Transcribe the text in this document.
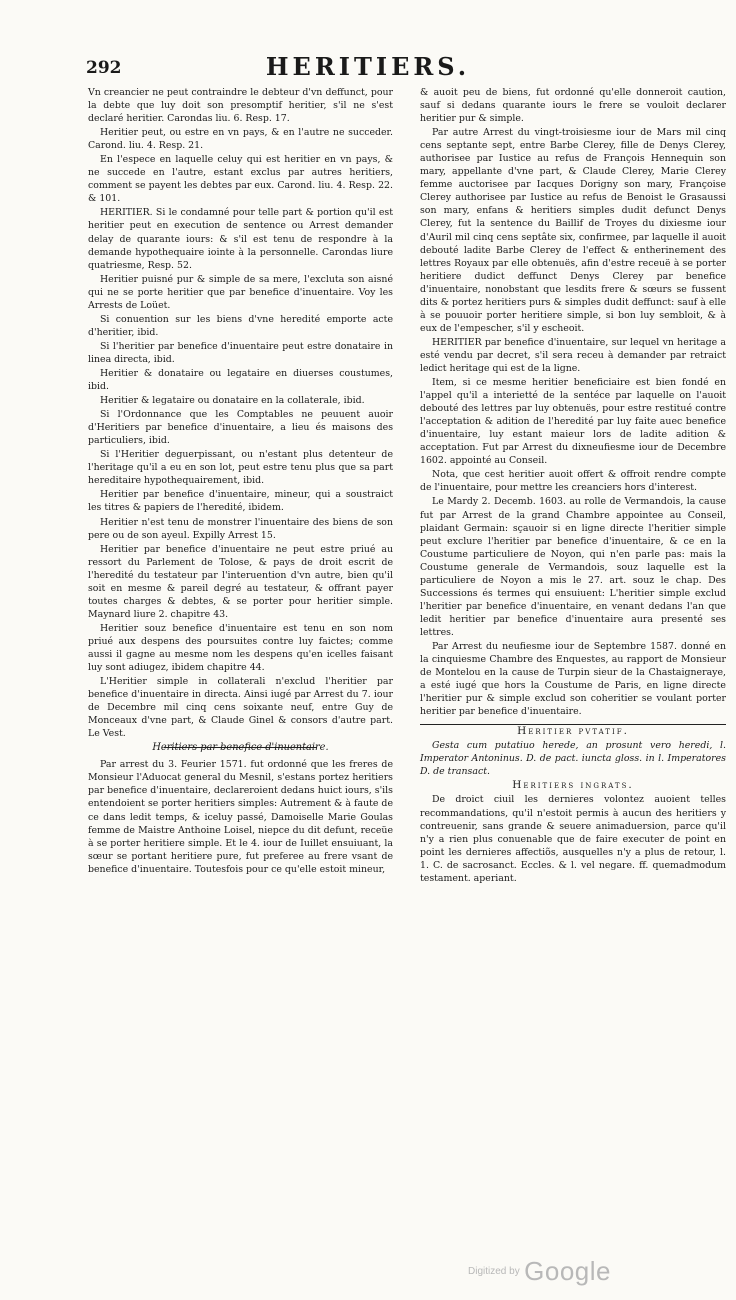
292	HERITIERS.

Vn creancier ne peut contraindre le debteur d'vn deffunct, pour la debte que luy doit son presomptif heritier, s'il ne s'est declaré heritier. Carondas liu. 6. Resp. 17.

Heritier peut, ou estre en vn pays, & en l'autre ne succeder. Carond. liu. 4. Resp. 21.

En l'espece en laquelle celuy qui est heritier en vn pays, & ne succede en l'autre, estant exclus par autres heritiers, comment se payent les debtes par eux. Carond. liu. 4. Resp. 22. & 101.

HERITIER. Si le condamné pour telle part & portion qu'il est heritier peut en execution de sentence ou Arrest demander delay de quarante iours: & s'il est tenu de respondre à la demande hypothequaire iointe à la personnelle. Carondas liure quatriesme, Resp. 52.

Heritier puisné pur & simple de sa mere, l'excluta son aisné qui ne se porte heritier que par benefice d'inuentaire. Voy les Arrests de Loüet.

Si conuention sur les biens d'vne heredité emporte acte d'heritier, ibid.

Si l'heritier par benefice d'inuentaire peut estre donataire in linea directa, ibid.

Heritier & donataire ou legataire en diuerses coustumes, ibid.

Heritier & legataire ou donataire en la collaterale, ibid.

Si l'Ordonnance que les Comptables ne peuuent auoir d'Heritiers par benefice d'inuentaire, a lieu és maisons des particuliers, ibid.

Si l'Heritier deguerpissant, ou n'estant plus detenteur de l'heritage qu'il a eu en son lot, peut estre tenu plus que sa part hereditaire hypothequairement, ibid.

Heritier par benefice d'inuentaire, mineur, qui a soustraict les titres & papiers de l'heredité, ibidem.

Heritier n'est tenu de monstrer l'inuentaire des biens de son pere ou de son ayeul. Expilly Arrest 15.

Heritier par benefice d'inuentaire ne peut estre priué au ressort du Parlement de Tolose, & pays de droit escrit de l'heredité du testateur par l'interuention d'vn autre, bien qu'il soit en mesme & pareil degré au testateur, & offrant payer toutes charges & debtes, & se porter pour heritier simple. Maynard liure 2. chapitre 43.

Heritier souz benefice d'inuentaire est tenu en son nom priué aux despens des poursuites contre luy faictes; comme aussi il gagne au mesme nom les despens qu'en icelles faisant luy sont adiugez, ibidem chapitre 44.

L'Heritier simple in collaterali n'exclud l'heritier par benefice d'inuentaire in directa. Ainsi iugé par Arrest du 7. iour de Decembre mil cinq cens soixante neuf, entre Guy de Monceaux d'vne part, & Claude Ginel & consors d'autre part. Le Vest.

Heritiers par benefice d'inuentaire.

Par arrest du 3. Feurier 1571. fut ordonné que les freres de Monsieur l'Aduocat general du Mesnil, s'estans portez heritiers par benefice d'inuentaire, declareroient dedans huict iours, s'ils entendoient se porter heritiers simples: Autrement & à faute de ce dans ledit temps, & iceluy passé, Damoiselle Marie Goulas femme de Maistre Anthoine Loisel, niepce du dit defunt, receüe à se porter heritiere simple. Et le 4. iour de Iuillet ensuiuant, la sœur se portant heritiere pure, fut preferee au frere vsant de benefice d'inuentaire. Toutesfois pour ce qu'elle estoit mineur,

& auoit peu de biens, fut ordonné qu'elle donneroit caution, sauf si dedans quarante iours le frere se vouloit declarer heritier pur & simple.

Par autre Arrest du vingt-troisiesme iour de Mars mil cinq cens septante sept, entre Barbe Clerey, fille de Denys Clerey, authorisee par Iustice au refus de François Hennequin son mary, appellante d'vne part, & Claude Clerey, Marie Clerey femme auctorisee par Iacques Dorigny son mary, Françoise Clerey authorisee par Iustice au refus de Benoist le Grasaussi son mary, enfans & heritiers simples dudit defunct Denys Clerey, fut la sentence du Baillif de Troyes du dixiesme iour d'Auril mil cinq cens septâte six, confirmee, par laquelle il auoit debouté ladite Barbe Clerey de l'effect & entherinement des lettres Royaux par elle obtenuës, afin d'estre receuë à se porter heritiere dudict deffunct Denys Clerey par benefice d'inuentaire, nonobstant que lesdits frere & sœurs se fussent dits & portez heritiers purs & simples dudit deffunct: sauf à elle à se pouuoir porter heritiere simple, si bon luy sembloit, & à eux de l'empescher, s'il y escheoit.

HERITIER par benefice d'inuentaire, sur lequel vn heritage a esté vendu par decret, s'il sera receu à demander par retraict ledict heritage qui est de la ligne.

Item, si ce mesme heritier beneficiaire est bien fondé en l'appel qu'il a interietté de la sentéce par laquelle on l'auoit debouté des lettres par luy obtenuës, pour estre restitué contre l'acceptation & adition de l'heredité par luy faite auec benefice d'inuentaire, luy estant maieur lors de ladite adition & acceptation. Fut par Arrest du dixneufiesme iour de Decembre 1602. appointé au Conseil.

Nota, que cest heritier auoit offert & offroit rendre compte de l'inuentaire, pour mettre les creanciers hors d'interest.

Le Mardy 2. Decemb. 1603. au rolle de Vermandois, la cause fut par Arrest de la grand Chambre appointee au Conseil, plaidant Germain: sçauoir si en ligne directe l'heritier simple peut exclure l'heritier par benefice d'inuentaire, & ce en la Coustume particuliere de Noyon, qui n'en parle pas: mais la Coustume generale de Vermandois, souz laquelle est la particuliere de Noyon a mis le 27. art. souz le chap. Des Successions és termes qui ensuiuent: L'heritier simple exclud l'heritier par benefice d'inuentaire, en venant dedans l'an que ledit heritier par benefice d'inuentaire aura presenté ses lettres.

Par Arrest du neufiesme iour de Septembre 1587. donné en la cinquiesme Chambre des Enquestes, au rapport de Monsieur de Montelou en la cause de Turpin sieur de la Chastaigneraye, a esté iugé que hors la Coustume de Paris, en ligne directe l'heritier pur & simple exclud son coheritier se voulant porter heritier par benefice d'inuentaire.

Heritier pvtatif.

Gesta cum putatiuo herede, an prosunt vero heredi, l. Imperator Antoninus. D. de pact. iuncta gloss. in l. Imperatores D. de transact.

Heritiers ingrats.

De droict ciuil les dernieres volontez auoient telles recommandations, qu'il n'estoit permis à aucun des heritiers y contreuenir, sans grande & seuere animaduersion, parce qu'il n'y a rien plus conuenable que de faire executer de point en point les dernieres affectiõs, ausquelles n'y a plus de retour, l. 1. C. de sacrosanct. Eccles. & l. vel negare. ff. quemadmodum testament. aperiant.

Digitized by Google
